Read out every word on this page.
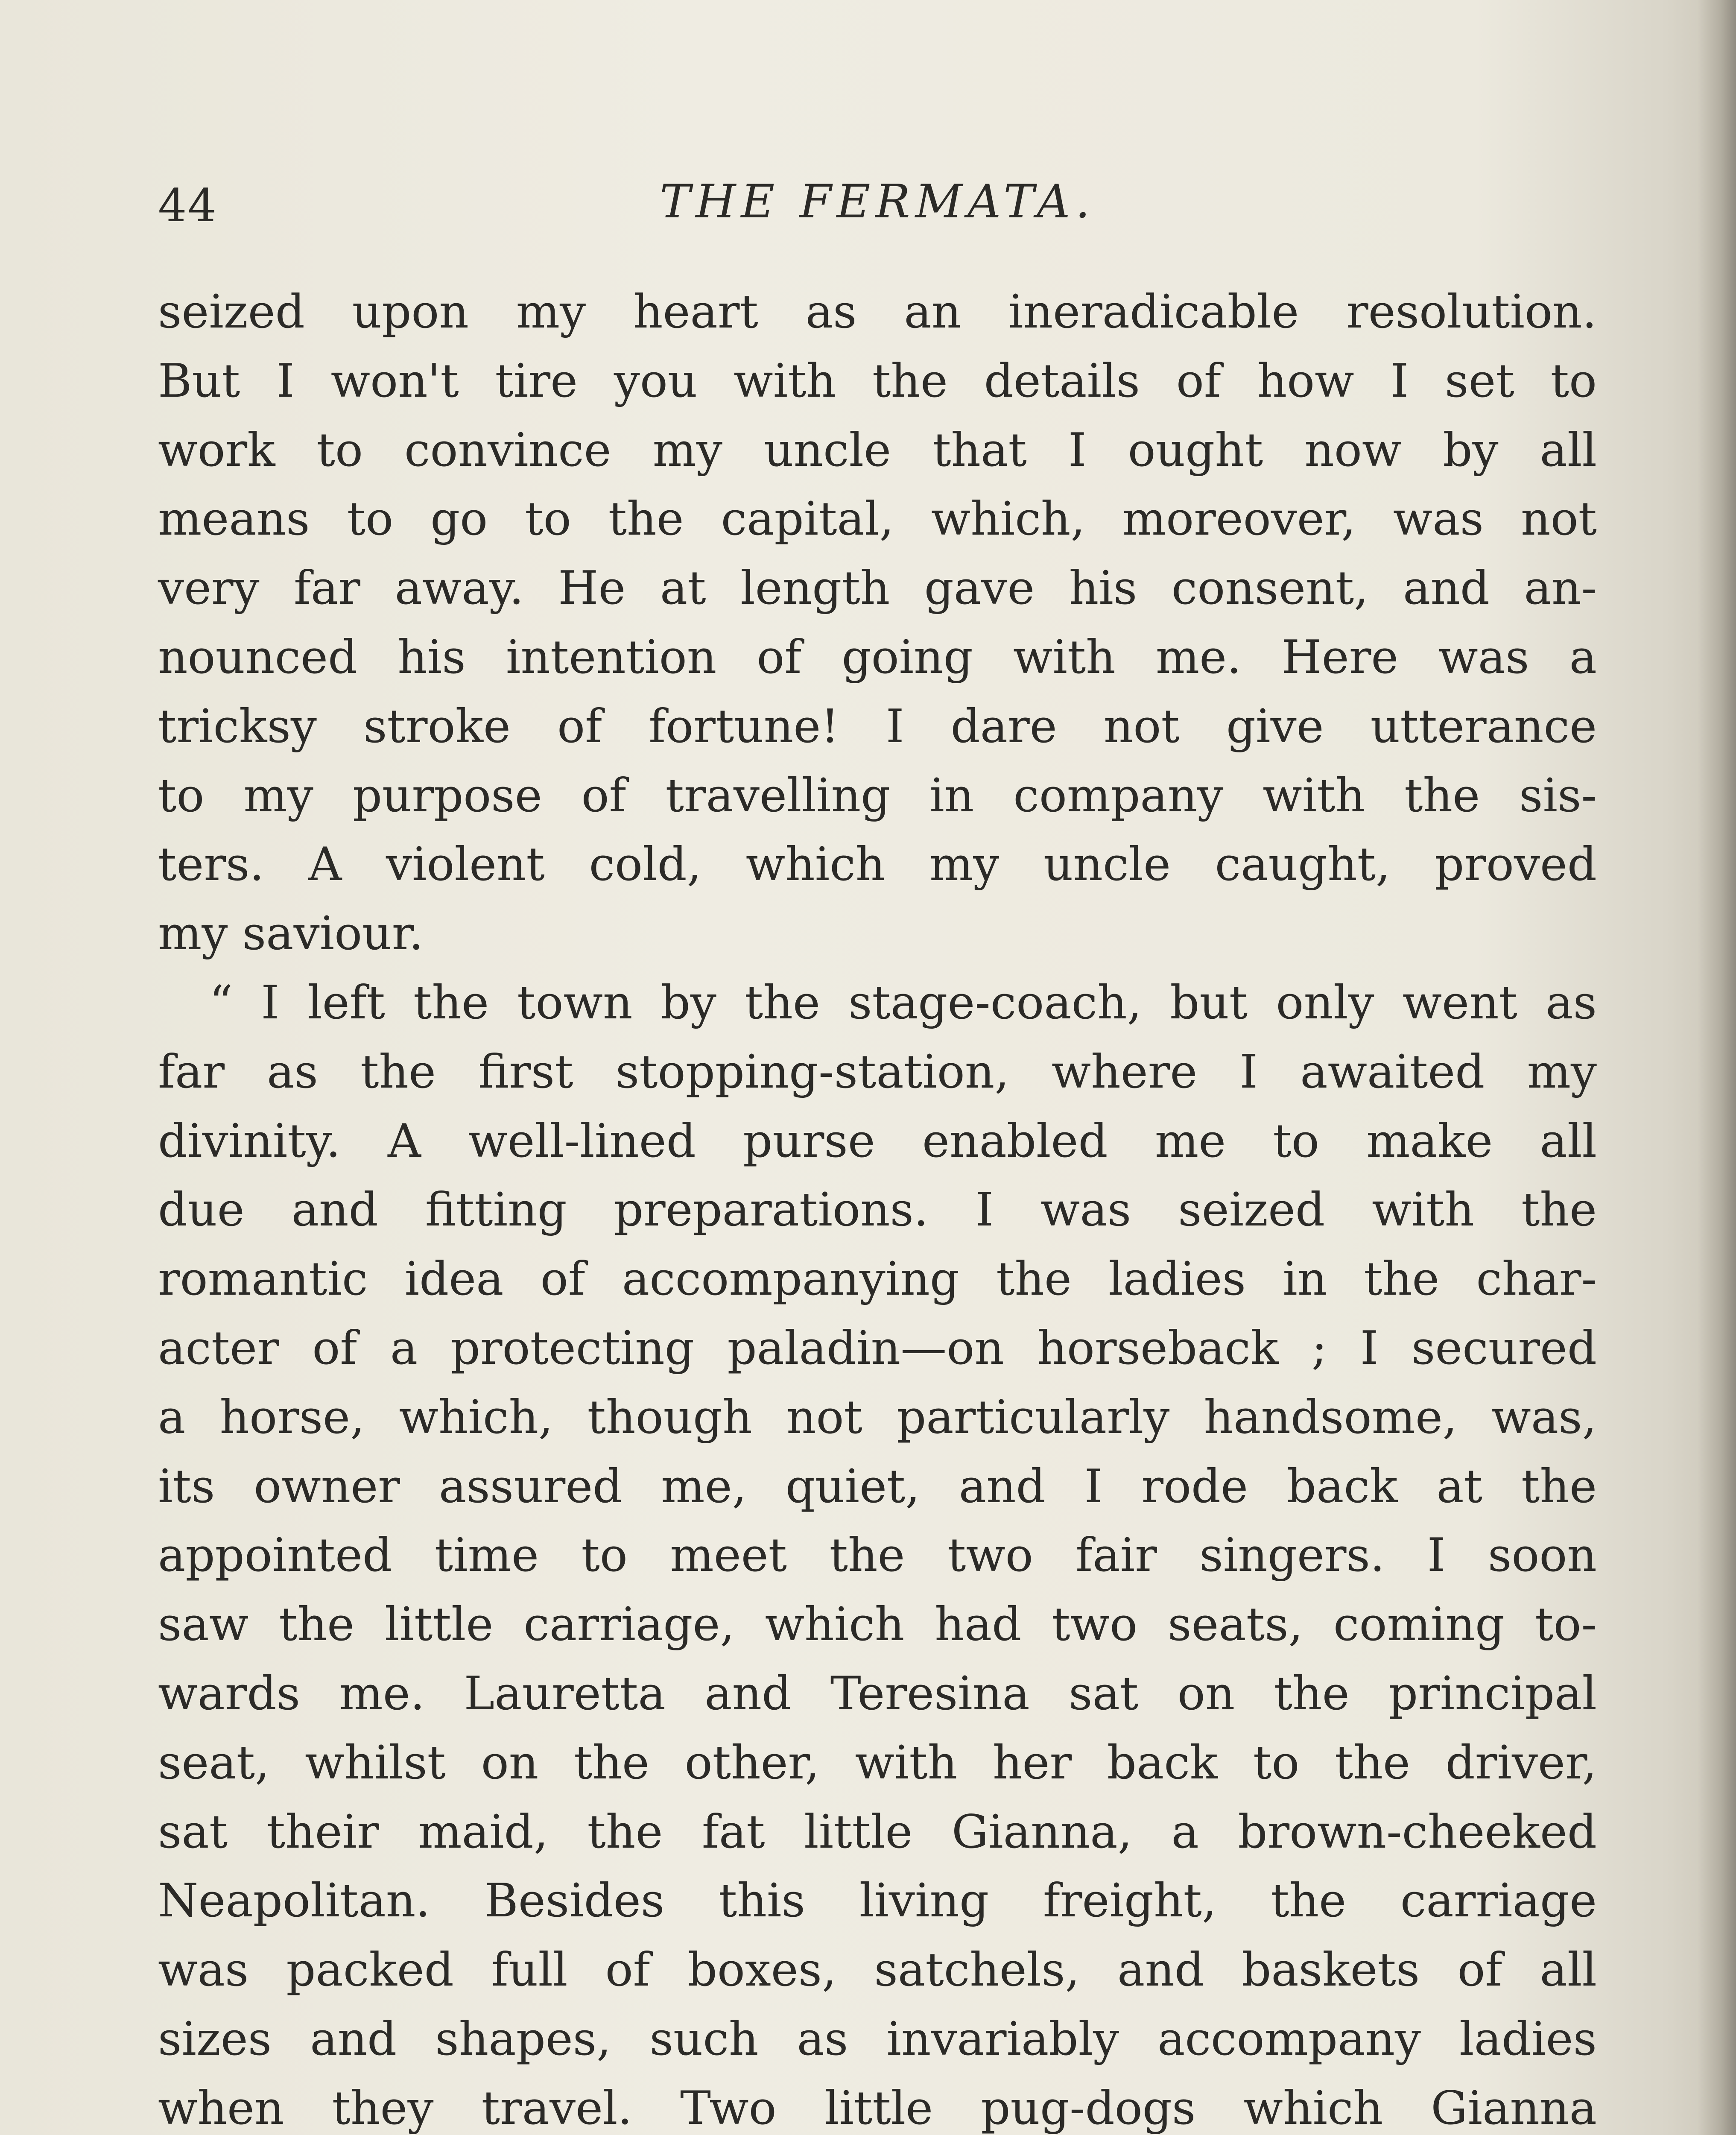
44	THE FERMATA.
seized upon my heart as an ineradicable resolution.
But I won't tire you with the details of how I set to
work to convince my uncle that I ought now by all
means to go to the capital, which, moreover, was not
very far away. He at length gave his consent, and an-
nounced his intention of going with me. Here was a
tricksy stroke of fortune! I dare not give utterance
to my purpose of travelling in company with the sis-
ters. A violent cold, which my uncle caught, proved
my saviour.
“ I left the town by the stage-coach, but only went as
far as the first stopping-station, where I awaited my
divinity. A well-lined purse enabled me to make all
due and fitting preparations. I was seized with the
romantic idea of accompanying the ladies in the char-
acter of a protecting paladin—on horseback ; I secured
a horse, which, though not particularly handsome, was,
its owner assured me, quiet, and I rode back at the
appointed time to meet the two fair singers. I soon
saw the little carriage, which had two seats, coming to-
wards me. Lauretta and Teresina sat on the principal
seat, whilst on the other, with her back to the driver,
sat their maid, the fat little Gianna, a brown-cheeked
Neapolitan. Besides this living freight, the carriage
was packed full of boxes, satchels, and baskets of all
sizes and shapes, such as invariably accompany ladies
when they travel. Two little pug-dogs which Gianna
